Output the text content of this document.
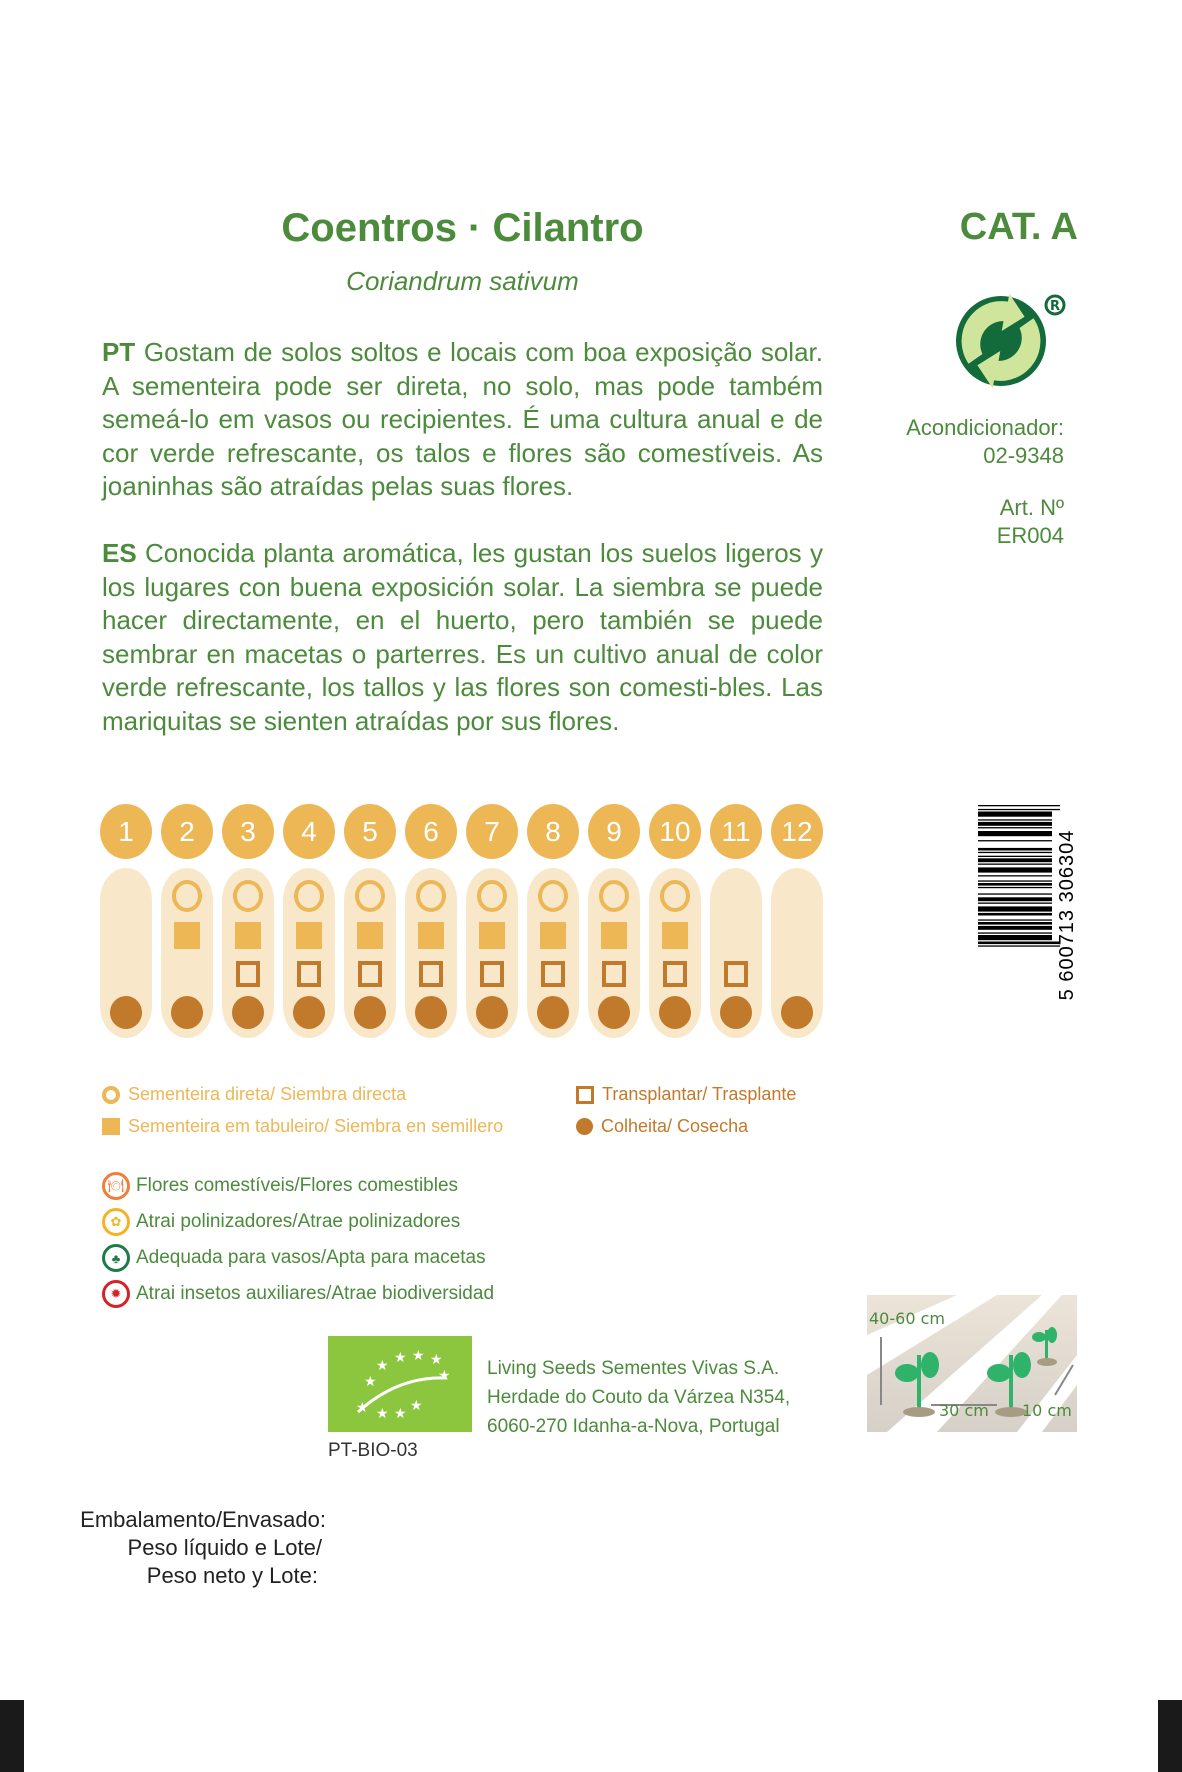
Coentros · Cilantro
Coriandrum sativum
CAT. A
R
Acondicionador:
02-9348
Art. Nº
ER004
PT Gostam de solos soltos e locais com boa exposição solar. A sementeira pode ser direta, no solo, mas pode também semeá-lo em vasos ou recipientes. É uma cultura anual e de cor verde refrescante, os talos e flores são comestíveis. As joaninhas são atraídas pelas suas flores.
ES Conocida planta aromática, les gustan los suelos ligeros y los lugares con buena exposición solar. La siembra se puede hacer directamente, en el huerto, pero también se puede sembrar en macetas o parterres. Es un cultivo anual de color verde refrescante, los tallos y las flores son comesti-bles. Las mariquitas se sienten atraídas por sus flores.
1	2	3	4	5	6	7	8	9	10	11	12	5 600713 306304
Sementeira direta/ Siembra directa
Sementeira em tabuleiro/ Siembra en semillero
Transplantar/ Trasplante
Colheita/ Cosecha
🍽 Flores comestíveis/Flores comestibles
✿ Atrai polinizadores/Atrae polinizadores
♣ Adequada para vasos/Apta para macetas
✹ Atrai insetos auxiliares/Atrae biodiversidad
★ ★ ★ ★
★	★
★ ★ ★ ★
PT-BIO-03
Living Seeds Sementes Vivas S.A.
Herdade do Couto da Várzea N354,
6060-270 Idanha-a-Nova, Portugal
40-60 cm
30 cm 10 cm
Embalamento/Envasado:
Peso líquido e Lote/
Peso neto y Lote:
